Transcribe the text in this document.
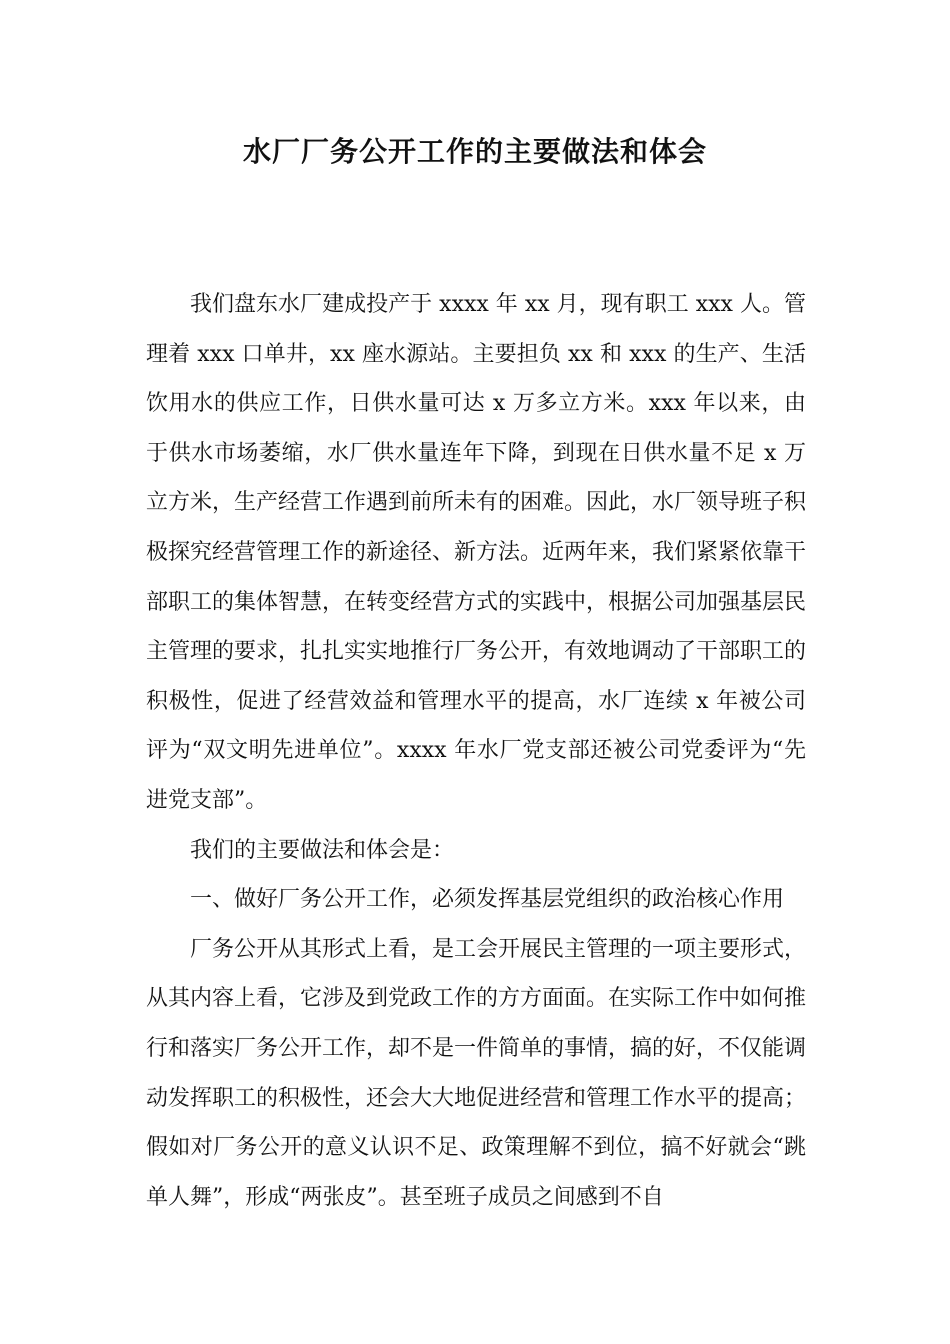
水厂厂务公开工作的主要做法和体会

我们盘东水厂建成投产于 xxxx 年 xx 月，现有职工 xxx 人。管理着 xxx 口单井，xx 座水源站。主要担负 xx 和 xxx 的生产、生活饮用水的供应工作，日供水量可达 x 万多立方米。xxx 年以来，由于供水市场萎缩，水厂供水量连年下降，到现在日供水量不足 x 万立方米，生产经营工作遇到前所未有的困难。因此，水厂领导班子积极探究经营管理工作的新途径、新方法。近两年来，我们紧紧依靠干部职工的集体智慧，在转变经营方式的实践中，根据公司加强基层民主管理的要求，扎扎实实地推行厂务公开，有效地调动了干部职工的积极性，促进了经营效益和管理水平的提高，水厂连续 x 年被公司评为“双文明先进单位”。xxxx 年水厂党支部还被公司党委评为“先进党支部”。

我们的主要做法和体会是：

一、做好厂务公开工作，必须发挥基层党组织的政治核心作用

厂务公开从其形式上看，是工会开展民主管理的一项主要形式，从其内容上看，它涉及到党政工作的方方面面。在实际工作中如何推行和落实厂务公开工作，却不是一件简单的事情，搞的好，不仅能调动发挥职工的积极性，还会大大地促进经营和管理工作水平的提高；假如对厂务公开的意义认识不足、政策理解不到位，搞不好就会“跳单人舞”，形成“两张皮”。甚至班子成员之间感到不自
